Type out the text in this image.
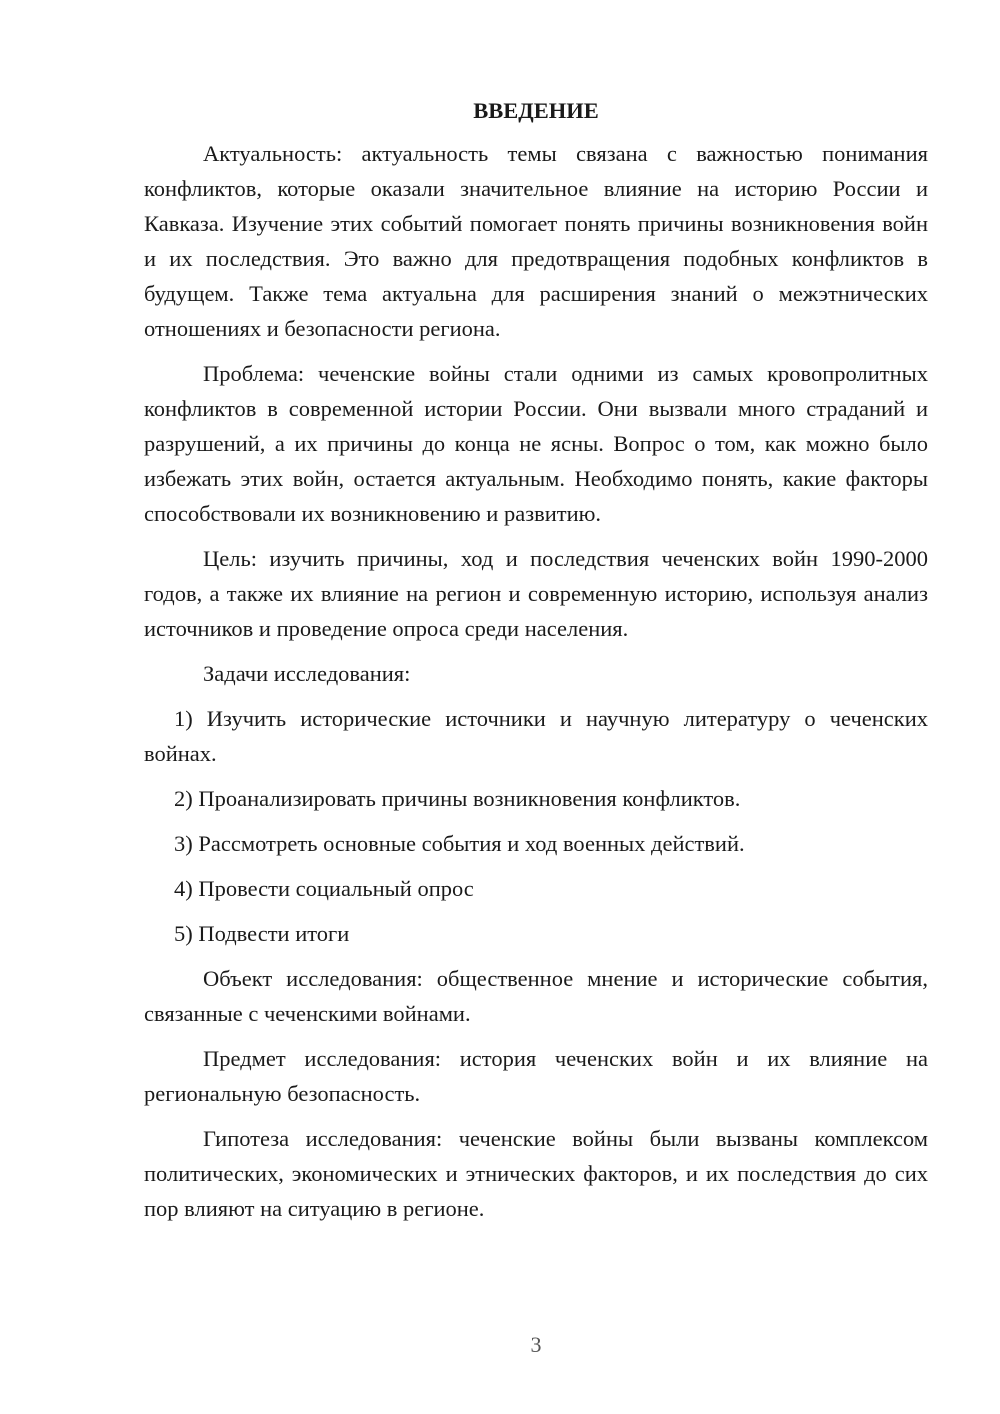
ВВЕДЕНИЕ

Актуальность: актуальность темы связана с важностью понимания конфликтов, которые оказали значительное влияние на историю России и Кавказа. Изучение этих событий помогает понять причины возникновения войн и их последствия. Это важно для предотвращения подобных конфликтов в будущем. Также тема актуальна для расширения знаний о межэтнических отношениях и безопасности региона.

Проблема: чеченские войны стали одними из самых кровопролитных конфликтов в современной истории России. Они вызвали много страданий и разрушений, а их причины до конца не ясны. Вопрос о том, как можно было избежать этих войн, остается актуальным. Необходимо понять, какие факторы способствовали их возникновению и развитию.

Цель: изучить причины, ход и последствия чеченских войн 1990-2000 годов, а также их влияние на регион и современную историю, используя анализ источников и проведение опроса среди населения.

Задачи исследования:

1) Изучить исторические источники и научную литературу о чеченских войнах.

2) Проанализировать причины возникновения конфликтов.

3) Рассмотреть основные события и ход военных действий.

4) Провести социальный опрос

5) Подвести итоги

Объект исследования: общественное мнение и исторические события, связанные с чеченскими войнами.

Предмет исследования: история чеченских войн и их влияние на региональную безопасность.

Гипотеза исследования: чеченские войны были вызваны комплексом политических, экономических и этнических факторов, и их последствия до сих пор влияют на ситуацию в регионе.

3
